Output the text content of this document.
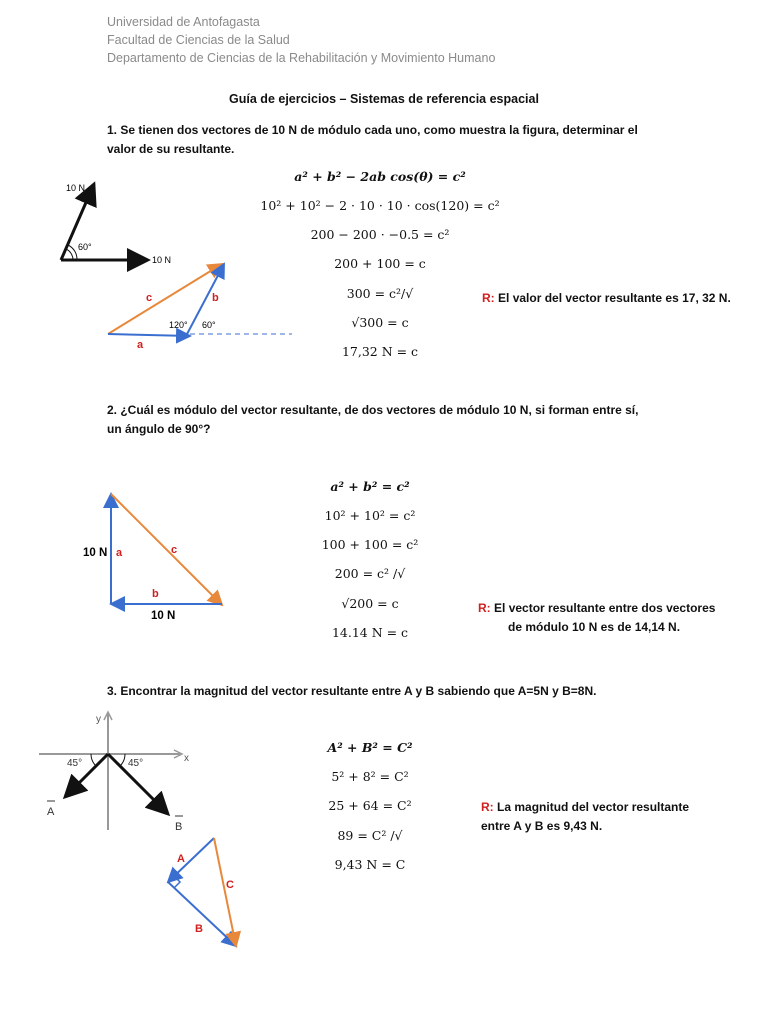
Universidad de Antofagasta
Facultad de Ciencias de la Salud
Departamento de Ciencias de la Rehabilitación y Movimiento Humano
Guía de ejercicios – Sistemas de referencia espacial
1. Se tienen dos vectores de 10 N de módulo cada uno, como muestra la figura, determinar el valor de su resultante.
10 N
10 N
60°
c	b
a
120° 60°
10 N a	c
b
10 N
y
x
45°	45°
A
B
A
C
B
a² + b² − 2ab cos(θ) = c²
10² + 10² − 2 · 10 · 10 · cos(120) = c²
200 − 200 · −0.5 = c²
200 + 100 = c
300 = c²/√
√300 = c
17,32 N = c
R: El valor del vector resultante es 17, 32 N.
2. ¿Cuál es módulo del vector resultante, de dos vectores de módulo 10 N, si forman entre sí, un ángulo de 90°?
a² + b² = c²
10² + 10² = c²
100 + 100 = c²
200 = c² /√
√200 = c
14.14 N = c
R: El vector resultante entre dos vectores
de módulo 10 N es de 14,14 N.
3. Encontrar la magnitud del vector resultante entre A y B sabiendo que A=5N y B=8N.
A² + B² = C²
5² + 8² = C²
25 + 64 = C²
89 = C² /√
9,43 N = C
R: La magnitud del vector resultante
entre A y B es 9,43 N.
